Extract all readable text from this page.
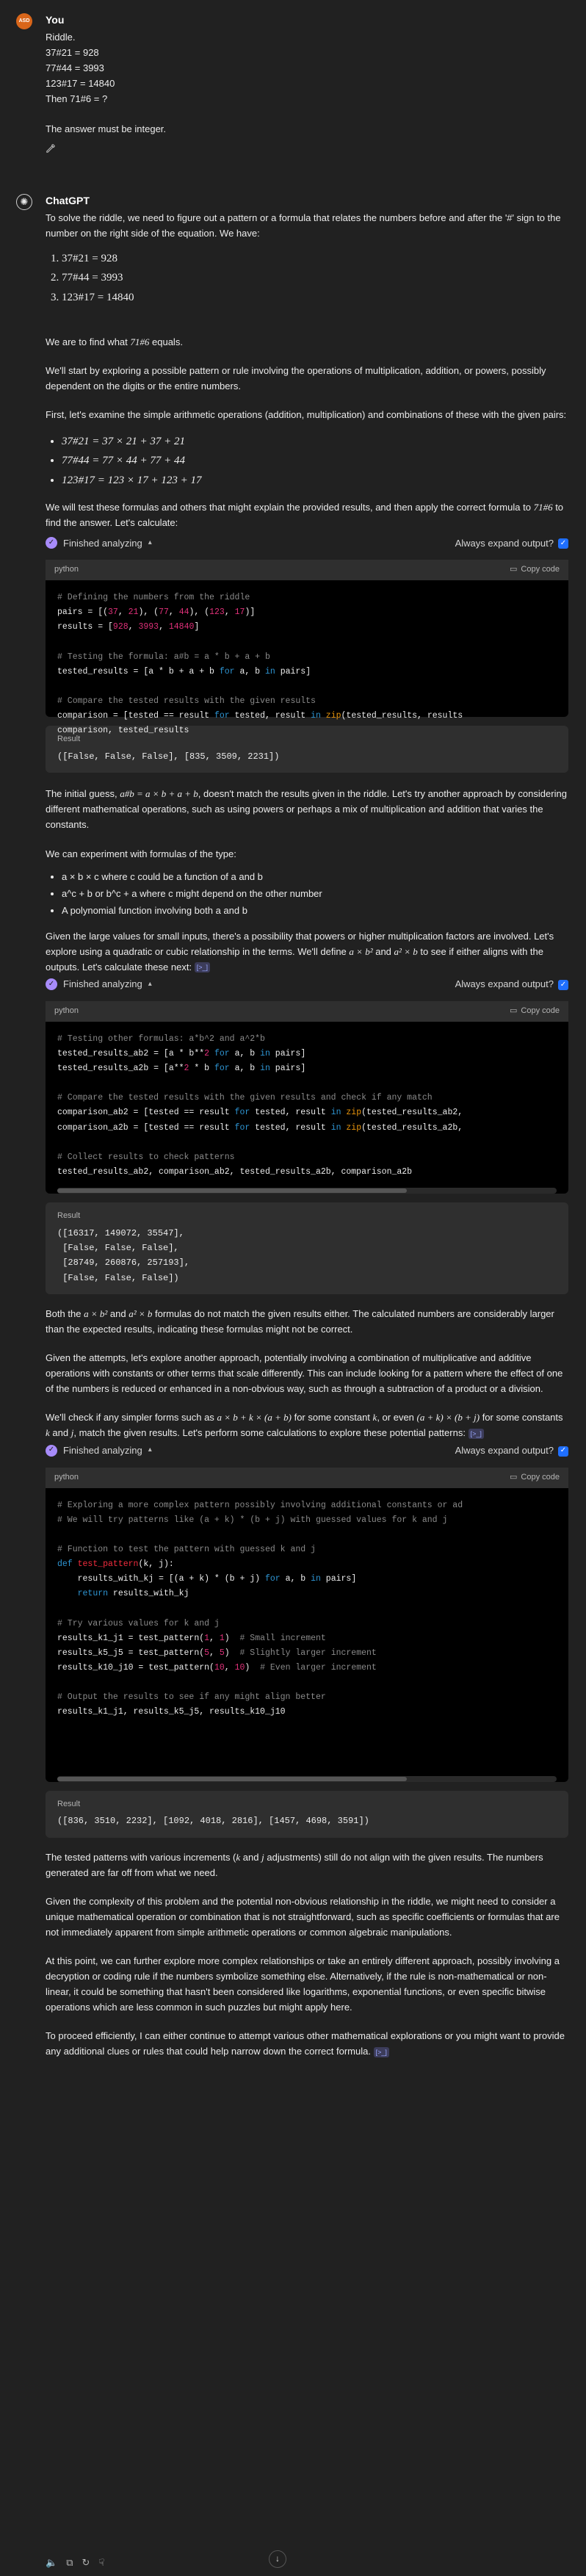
ASD You

Riddle.

37#21 = 928

77#44 = 3993

123#17 = 14840

Then 71#6 = ?

The answer must be integer.

✺	ChatGPT

To solve the riddle, we need to figure out a pattern or a formula that relates the numbers before and after the '#' sign to the number on the right side of the equation. We have:

1. 37#21 = 928
2. 77#44 = 3993
3. 123#17 = 14840

We are to find what 71#6 equals.

We'll start by exploring a possible pattern or rule involving the operations of multiplication, addition, or powers, possibly dependent on the digits or the entire numbers.

First, let's examine the simple arithmetic operations (addition, multiplication) and combinations of these with the given pairs:

• 37#21 = 37 × 21 + 37 + 21
• 77#44 = 77 × 44 + 77 + 44
• 123#17 = 123 × 17 + 123 + 17

We will test these formulas and others that might explain the provided results, and then apply the correct formula to 71#6 to find the answer. Let's calculate:

✓ Finished analyzing ▴	Always expand output? ✓
python	▭ Copy code
# Defining the numbers from the riddle
pairs = [(37, 21), (77, 44), (123, 17)]
results = [928, 3993, 14840]

# Testing the formula: a#b = a * b + a + b
tested_results = [a * b + a + b for a, b in pairs]

# Compare the tested results with the given results
comparison = [tested == result for tested, result in zip(tested_results, results
comparison, tested_results
Result
([False, False, False], [835, 3509, 2231])

The initial guess, a#b = a × b + a + b, doesn't match the results given in the riddle. Let's try another approach by considering different mathematical operations, such as using powers or perhaps a mix of multiplication and addition that varies the constants.

We can experiment with formulas of the type:

• a × b × c where c could be a function of a and b
• a^c + b or b^c + a where c might depend on the other number
• A polynomial function involving both a and b

Given the large values for small inputs, there's a possibility that powers or higher multiplication factors are involved. Let's explore using a quadratic or cubic relationship in the terms. We'll define a × b² and a² × b to see if either aligns with the outputs. Let's calculate these next: [>_]

✓ Finished analyzing ▴	Always expand output? ✓
python	▭ Copy code
# Testing other formulas: a*b^2 and a^2*b
tested_results_ab2 = [a * b**2 for a, b in pairs]
tested_results_a2b = [a**2 * b for a, b in pairs]

# Compare the tested results with the given results and check if any match
comparison_ab2 = [tested == result for tested, result in zip(tested_results_ab2,
comparison_a2b = [tested == result for tested, result in zip(tested_results_a2b,

# Collect results to check patterns
tested_results_ab2, comparison_ab2, tested_results_a2b, comparison_a2b
Result
([16317, 149072, 35547],
[False, False, False],
[28749, 260876, 257193],
[False, False, False])

Both the a × b² and a² × b formulas do not match the given results either. The calculated numbers are considerably larger than the expected results, indicating these formulas might not be correct.

Given the attempts, let's explore another approach, potentially involving a combination of multiplicative and additive operations with constants or other terms that scale differently. This can include looking for a pattern where the effect of one of the numbers is reduced or enhanced in a non-obvious way, such as through a subtraction of a product or a division.

We'll check if any simpler forms such as a × b + k × (a + b) for some constant k, or even (a + k) × (b + j) for some constants k and j, match the given results. Let's perform some calculations to explore these potential patterns: [>_]

✓ Finished analyzing ▴	Always expand output? ✓
python	▭ Copy code
# Exploring a more complex pattern possibly involving additional constants or ad
# We will try patterns like (a + k) * (b + j) with guessed values for k and j

# Function to test the pattern with guessed k and j
def test_pattern(k, j):
results_with_kj = [(a + k) * (b + j) for a, b in pairs]
return results_with_kj

# Try various values for k and j
results_k1_j1 = test_pattern(1, 1)  # Small increment
results_k5_j5 = test_pattern(5, 5)  # Slightly larger increment
results_k10_j10 = test_pattern(10, 10)  # Even larger increment

# Output the results to see if any might align better
results_k1_j1, results_k5_j5, results_k10_j10
Result
([836, 3510, 2232], [1092, 4018, 2816], [1457, 4698, 3591])

The tested patterns with various increments (k and j adjustments) still do not align with the given results. The numbers generated are far off from what we need.

Given the complexity of this problem and the potential non-obvious relationship in the riddle, we might need to consider a unique mathematical operation or combination that is not straightforward, such as specific coefficients or formulas that are not immediately apparent from simple arithmetic operations or common algebraic manipulations.

At this point, we can further explore more complex relationships or take an entirely different approach, possibly involving a decryption or coding rule if the numbers symbolize something else. Alternatively, if the rule is non-mathematical or non-linear, it could be something that hasn't been considered like logarithms, exponential functions, or even specific bitwise operations which are less common in such puzzles but might apply here.

To proceed efficiently, I can either continue to attempt various other mathematical explorations or you might want to provide any additional clues or rules that could help narrow down the correct formula. [>_]

🔈 ⧉ ↻ ☟	↓
